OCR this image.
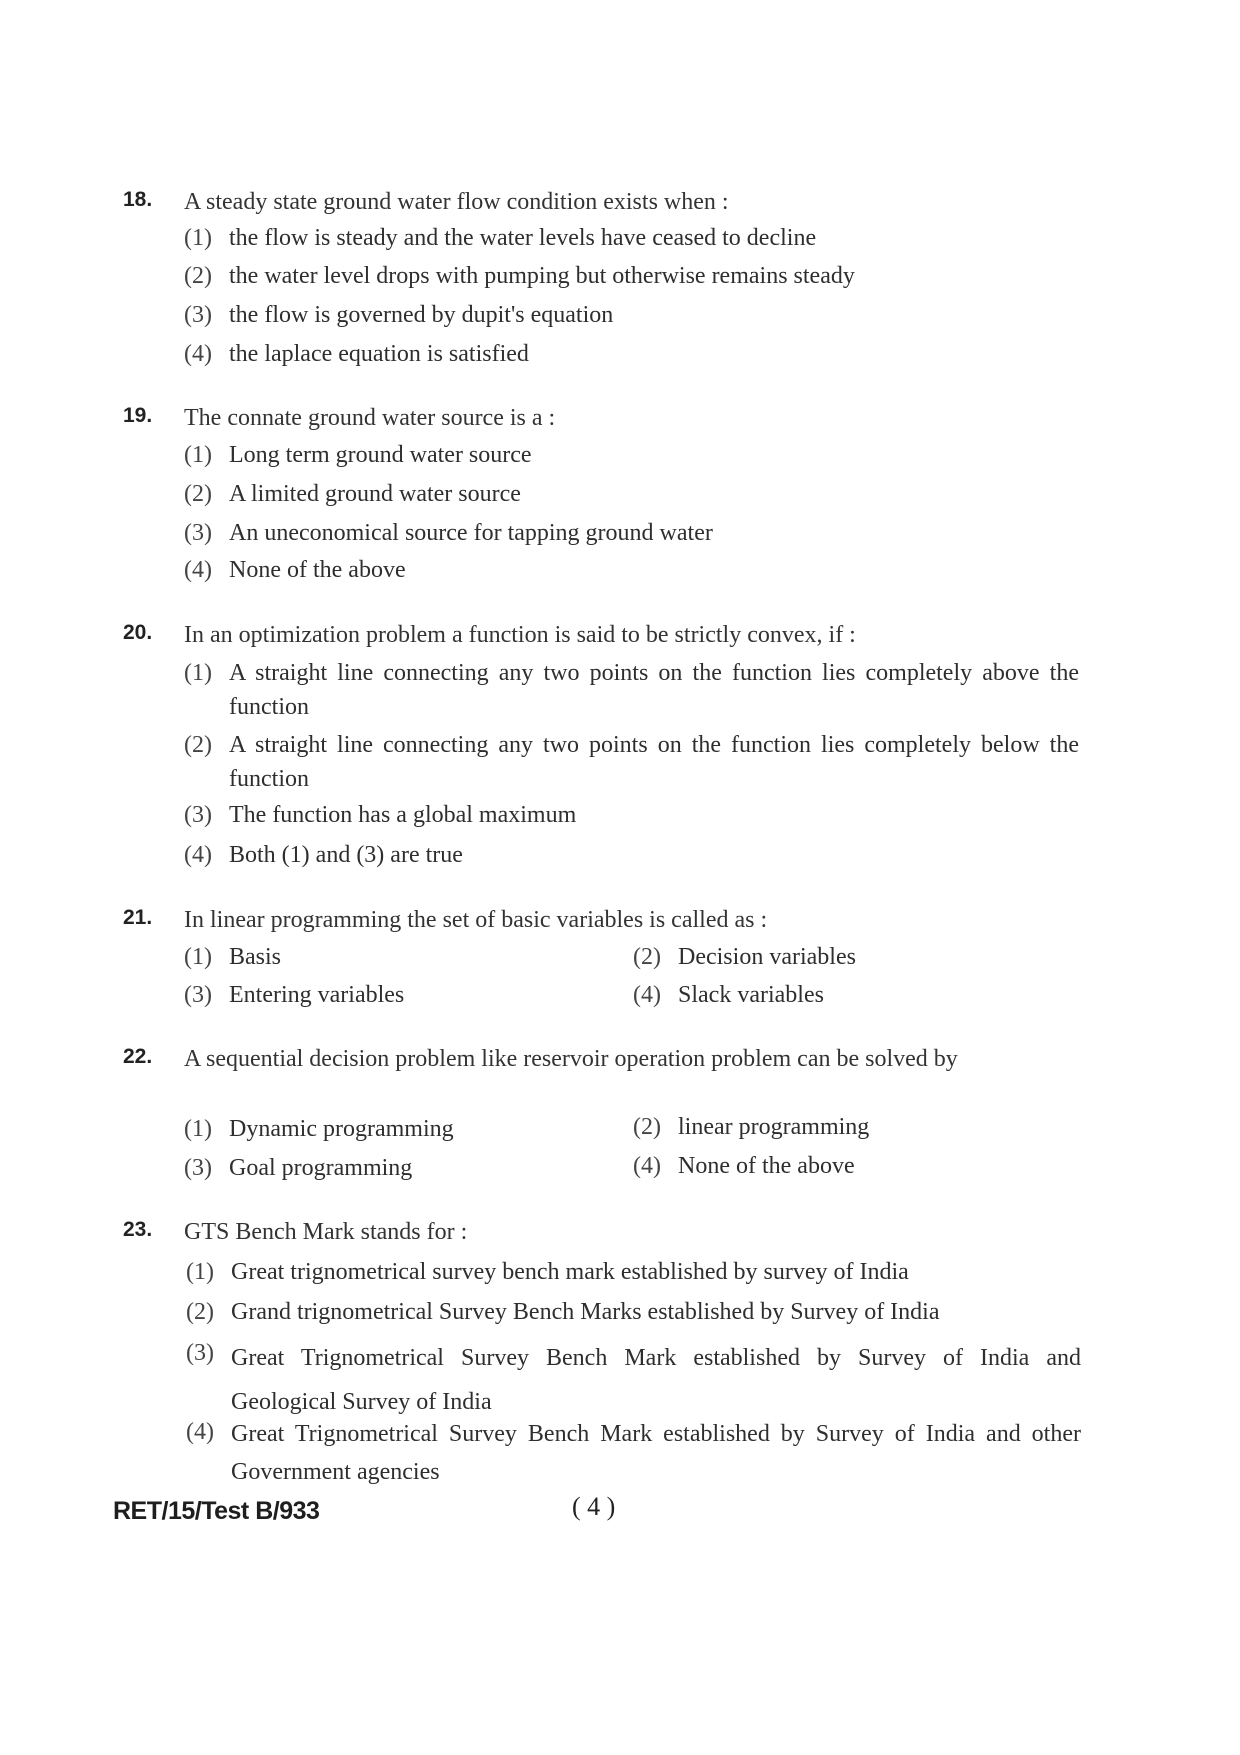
18. A steady state ground water flow condition exists when :
(1) the flow is steady and the water levels have ceased to decline
(2) the water level drops with pumping but otherwise remains steady
(3) the flow is governed by dupit's equation
(4) the laplace equation is satisfied
19. The connate ground water source is a :
(1) Long term ground water source
(2) A limited ground water source
(3) An uneconomical source for tapping ground water
(4) None of the above
20. In an optimization problem a function is said to be strictly convex, if :
(1) A straight line connecting any two points on the function lies completely above the function
(2) A straight line connecting any two points on the function lies completely below the function
(3) The function has a global maximum
(4) Both (1) and (3) are true
21. In linear programming the set of basic variables is called as :
(1) Basis	(2) Decision variables
(3) Entering variables	(4) Slack variables
22. A sequential decision problem like reservoir operation problem can be solved by
(1) Dynamic programming	(2) linear programming
(3) Goal programming	(4) None of the above
23. GTS Bench Mark stands for :
(1) Great trignometrical survey bench mark established by survey of India
(2) Grand trignometrical Survey Bench Marks established by Survey of India
(3) Great Trignometrical Survey Bench Mark established by Survey of India and Geological Survey of India
(4) Great Trignometrical Survey Bench Mark established by Survey of India and other Government agencies
RET/15/Test B/933	( 4 )
